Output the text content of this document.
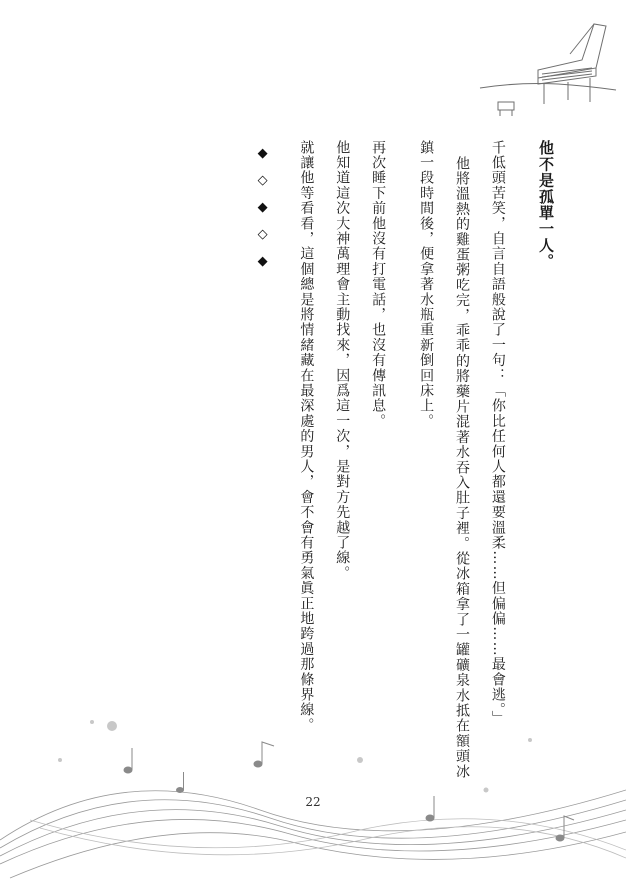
他不是孤單一人。
千低頭苦笑，自言自語般說了一句：「你比任何人都還要溫柔……但偏偏……最會逃。」
他將溫熱的雞蛋粥吃完，乖乖的將藥片混著水吞入肚子裡。從冰箱拿了一罐礦泉水抵在額頭冰
鎮一段時間後，便拿著水瓶重新倒回床上。
再次睡下前他沒有打電話，也沒有傳訊息。
他知道這次大神萬理會主動找來，因爲這一次，是對方先越了線。
就讓他等看看，這個總是將情緒藏在最深處的男人，會不會有勇氣眞正地跨過那條界線。
◆
◇
◆
◇
◆
22
